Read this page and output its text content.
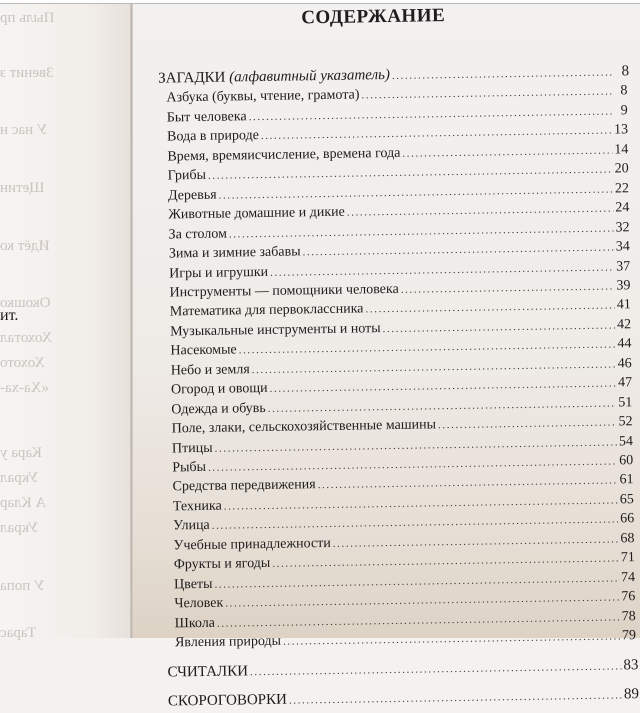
Пыль пр
Звенит з
У нас н
Щетин
Идёт ко
Окошко
Хохотал
Хохото
«Ха-ха-
Кара у
Украл
А Клар
Украл
У попа
Тарас
ит.
СОДЕРЖАНИЕ
ЗАГАДКИ (алфавитный указатель) .....	8
Азбука (буквы, чтение, грамота) .....	8
Быт человека .....	9
Вода в природе .....	13
Время, времяисчисление, времена года .....	14
Грибы .....	20
Деревья .....	22
Животные домашние и дикие .....	24
За столом .....	32
Зима и зимние забавы .....	34
Игры и игрушки .....	37
Инструменты — помощники человека .....	39
Математика для первоклассника .....	41
Музыкальные инструменты и ноты .....	42
Насекомые .....	44
Небо и земля .....	46
Огород и овощи .....	47
Одежда и обувь .....	51
Поле, злаки, сельскохозяйственные машины .....	52
Птицы .....	54
Рыбы .....	60
Средства передвижения .....	61
Техника .....	65
Улица .....	66
Учебные принадлежности .....	68
Фрукты и ягоды .....	71
Цветы .....	74
Человек .....	76
Школа .....	78
Явления природы .....	79
СЧИТАЛКИ .....	83
СКОРОГОВОРКИ .....	89
